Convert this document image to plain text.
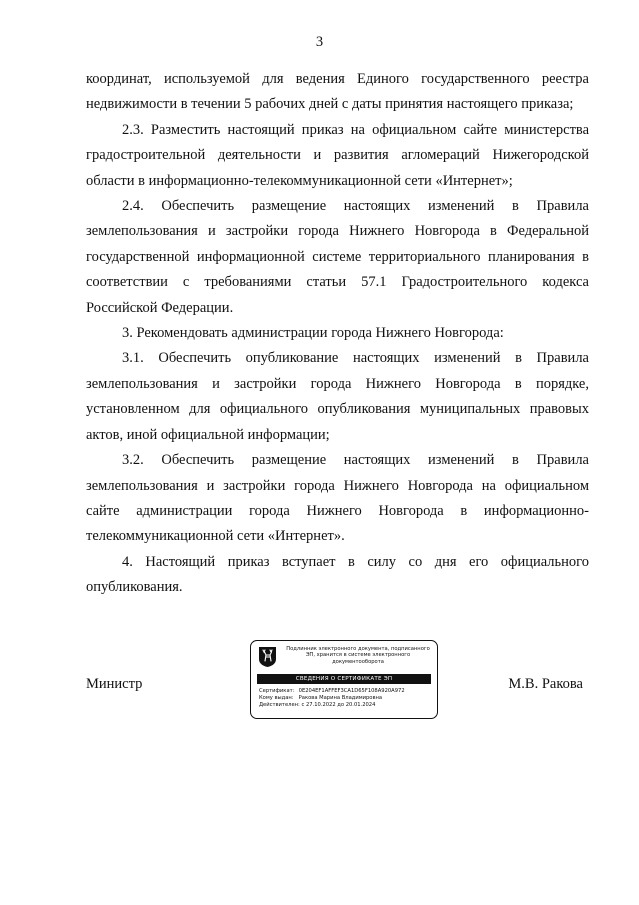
3

координат, используемой для ведения Единого государственного реестра недвижимости в течении 5 рабочих дней с даты принятия настоящего приказа;

2.3. Разместить настоящий приказ на официальном сайте министерства градостроительной деятельности и развития агломераций Нижегородской области в информационно-телекоммуникационной сети «Интернет»;

2.4. Обеспечить размещение настоящих изменений в Правила землепользования и застройки города Нижнего Новгорода в Федеральной государственной информационной системе территориального планирования в соответствии с требованиями статьи 57.1 Градостроительного кодекса Российской Федерации.

3. Рекомендовать администрации города Нижнего Новгорода:

3.1. Обеспечить опубликование настоящих изменений в Правила землепользования и застройки города Нижнего Новгорода в порядке, установленном для официального опубликования муниципальных правовых актов, иной официальной информации;

3.2. Обеспечить размещение настоящих изменений в Правила землепользования и застройки города Нижнего Новгорода на официальном сайте администрации города Нижнего Новгорода в информационно-телекоммуникационной сети «Интернет».

4. Настоящий приказ вступает в силу со дня его официального опубликования.

Министр	М.В. Ракова
Подлинник электронного документа, подписанного ЭП, хранится в системе электронного документооборота
СВЕДЕНИЯ О СЕРТИФИКАТЕ ЭП
Сертификат: 0E204EF1AFFEF3CA1D65F108A920A972
Кому выдан: Ракова Марина Владимировна
Действителен: с 27.10.2022 до 20.01.2024
